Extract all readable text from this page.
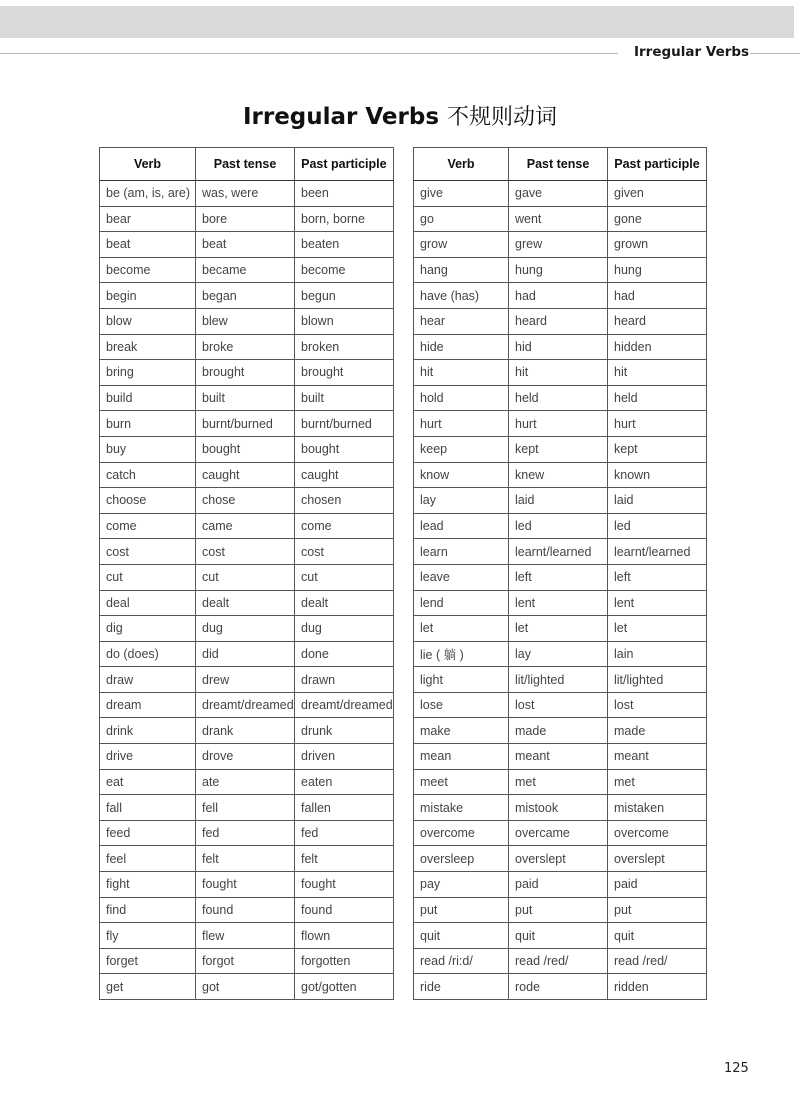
Irregular Verbs
Irregular Verbs 不规则动词
Verb	Past tense	Past participle
be (am, is, are)	was, were	been
bear	bore	born, borne
beat	beat	beaten
become	became	become
begin	began	begun
blow	blew	blown
break	broke	broken
bring	brought	brought
build	built	built
burn	burnt/burned	burnt/burned
buy	bought	bought
catch	caught	caught
choose	chose	chosen
come	came	come
cost	cost	cost
cut	cut	cut
deal	dealt	dealt
dig	dug	dug
do (does)	did	done
draw	drew	drawn
dream	dreamt/dreamed	dreamt/dreamed
drink	drank	drunk
drive	drove	driven
eat	ate	eaten
fall	fell	fallen
feed	fed	fed
feel	felt	felt
fight	fought	fought
find	found	found
fly	flew	flown
forget	forgot	forgotten
get	got	got/gotten
Verb	Past tense	Past participle
give	gave	given
go	went	gone
grow	grew	grown
hang	hung	hung
have (has)	had	had
hear	heard	heard
hide	hid	hidden
hit	hit	hit
hold	held	held
hurt	hurt	hurt
keep	kept	kept
know	knew	known
lay	laid	laid
lead	led	led
learn	learnt/learned	learnt/learned
leave	left	left
lend	lent	lent
let	let	let
lie ( 躺 )	lay	lain
light	lit/lighted	lit/lighted
lose	lost	lost
make	made	made
mean	meant	meant
meet	met	met
mistake	mistook	mistaken
overcome	overcame	overcome
oversleep	overslept	overslept
pay	paid	paid
put	put	put
quit	quit	quit
read /ri:d/	read /red/	read /red/
ride	rode	ridden
125
